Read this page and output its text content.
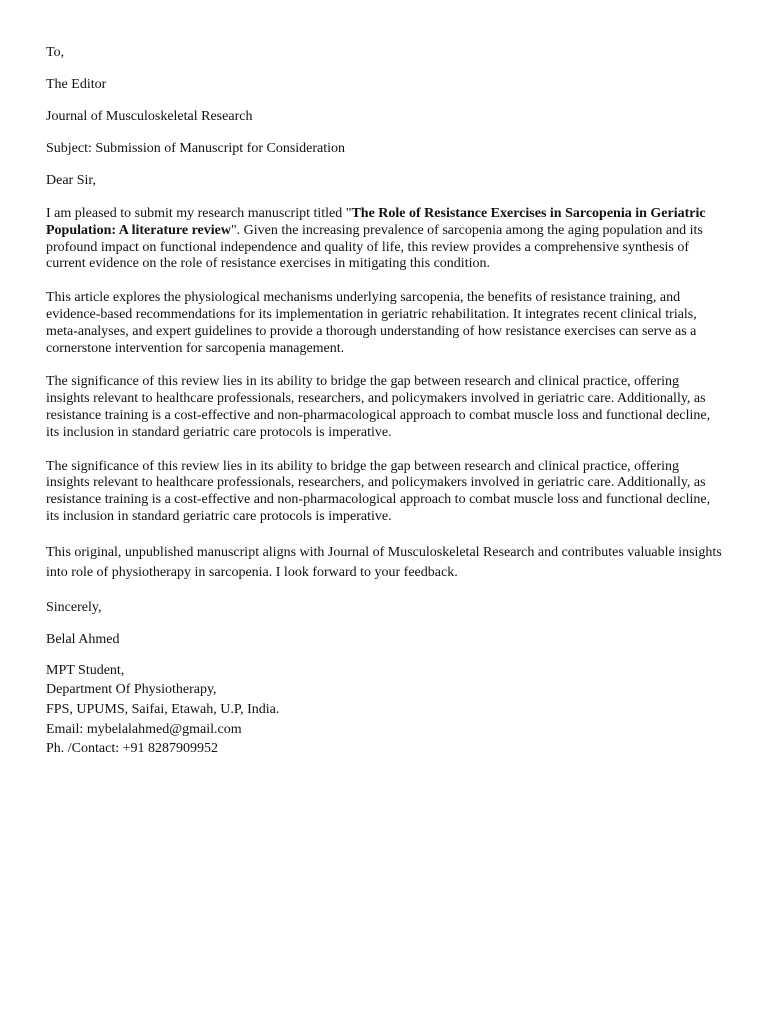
To,

The Editor

Journal of Musculoskeletal Research

Subject: Submission of Manuscript for Consideration

Dear Sir,

I am pleased to submit my research manuscript titled "The Role of Resistance Exercises in Sarcopenia in Geriatric Population: A literature review". Given the increasing prevalence of sarcopenia among the aging population and its profound impact on functional independence and quality of life, this review provides a comprehensive synthesis of current evidence on the role of resistance exercises in mitigating this condition.

This article explores the physiological mechanisms underlying sarcopenia, the benefits of resistance training, and evidence-based recommendations for its implementation in geriatric rehabilitation. It integrates recent clinical trials, meta-analyses, and expert guidelines to provide a thorough understanding of how resistance exercises can serve as a cornerstone intervention for sarcopenia management.

The significance of this review lies in its ability to bridge the gap between research and clinical practice, offering insights relevant to healthcare professionals, researchers, and policymakers involved in geriatric care. Additionally, as resistance training is a cost-effective and non-pharmacological approach to combat muscle loss and functional decline, its inclusion in standard geriatric care protocols is imperative.

The significance of this review lies in its ability to bridge the gap between research and clinical practice, offering insights relevant to healthcare professionals, researchers, and policymakers involved in geriatric care. Additionally, as resistance training is a cost-effective and non-pharmacological approach to combat muscle loss and functional decline, its inclusion in standard geriatric care protocols is imperative.

This original, unpublished manuscript aligns with Journal of Musculoskeletal Research and contributes valuable insights into role of physiotherapy in sarcopenia. I look forward to your feedback.

Sincerely,

Belal Ahmed

MPT Student,
Department Of Physiotherapy,
FPS, UPUMS, Saifai, Etawah, U.P, India.
Email: mybelalahmed@gmail.com
Ph. /Contact: +91 8287909952
